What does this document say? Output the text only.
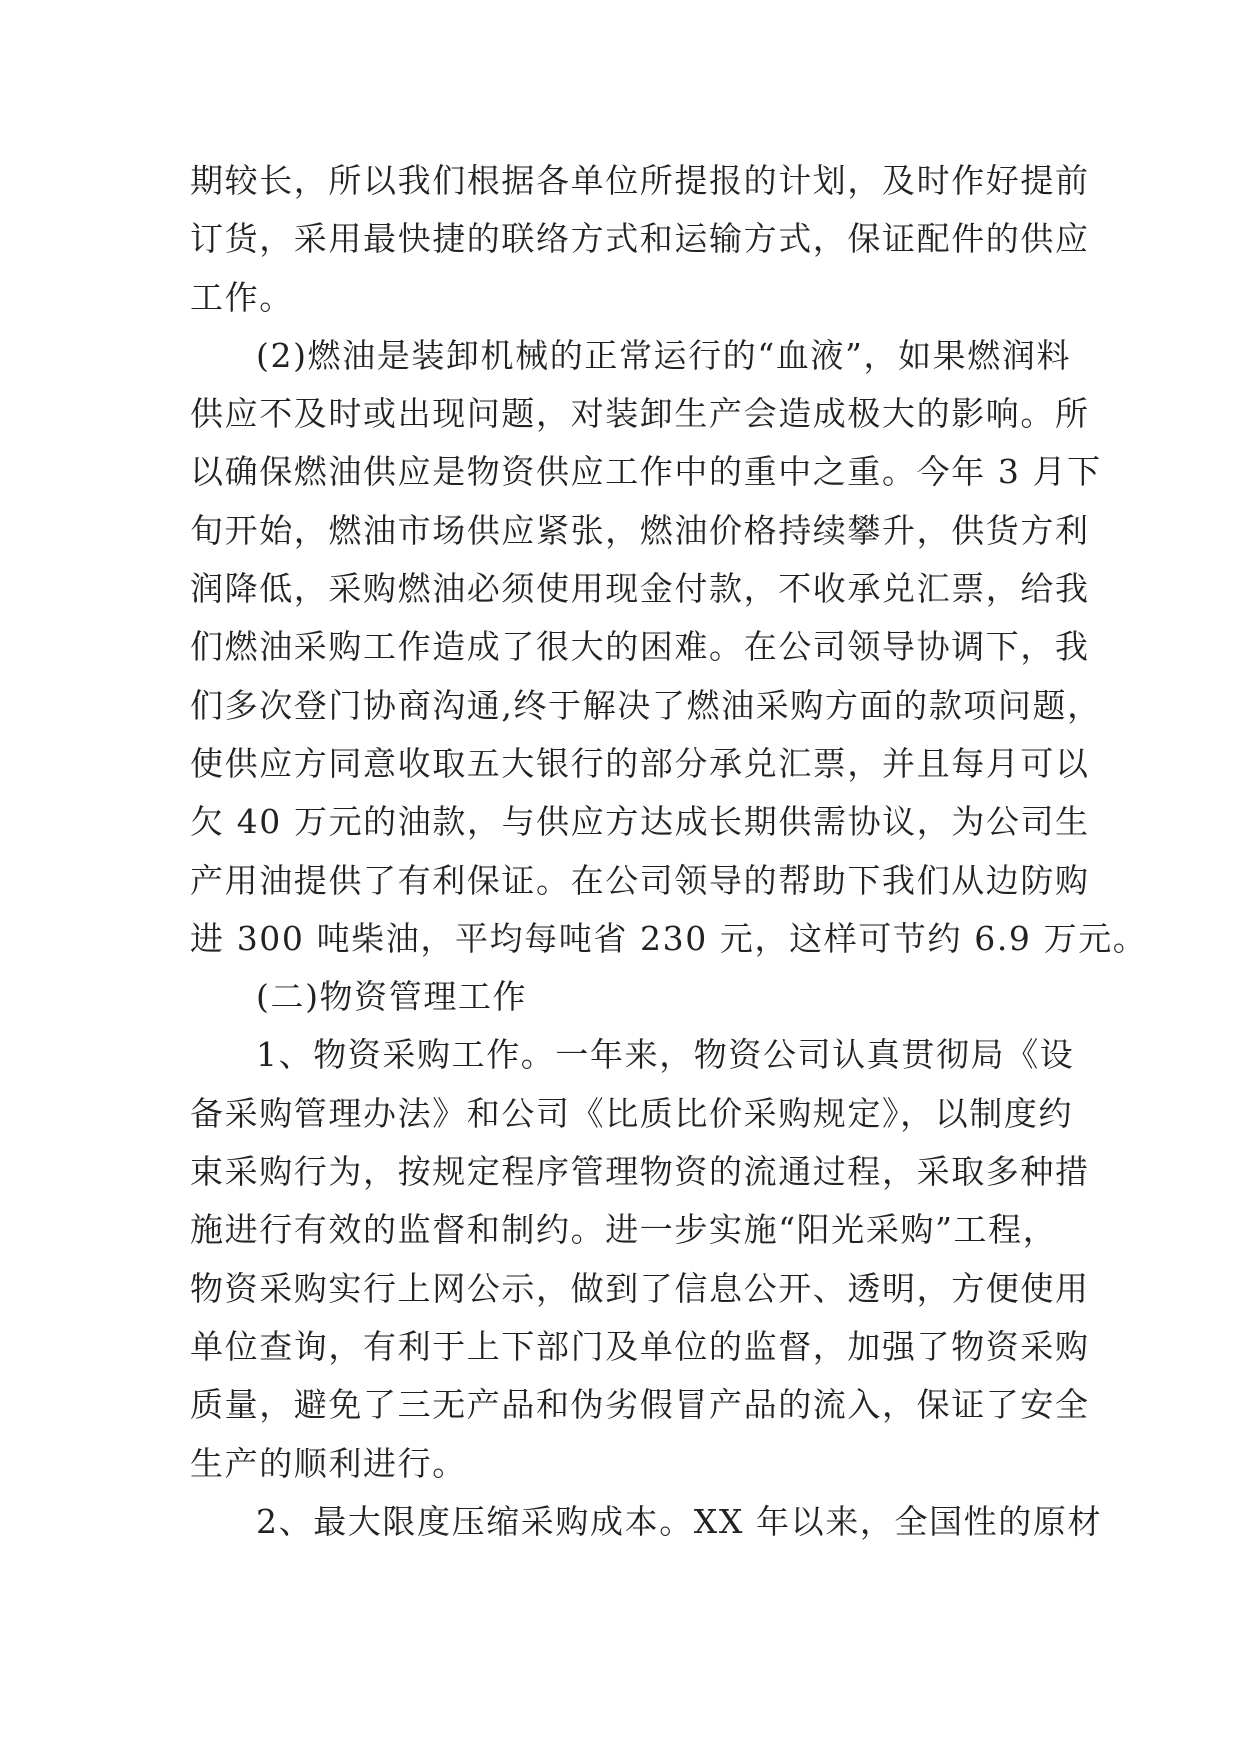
期较长，所以我们根据各单位所提报的计划，及时作好提前
订货，采用最快捷的联络方式和运输方式，保证配件的供应
工作。
(2)燃油是装卸机械的正常运行的“血液”，如果燃润料
供应不及时或出现问题，对装卸生产会造成极大的影响。所
以确保燃油供应是物资供应工作中的重中之重。今年 3 月下
旬开始，燃油市场供应紧张，燃油价格持续攀升，供货方利
润降低，采购燃油必须使用现金付款，不收承兑汇票，给我
们燃油采购工作造成了很大的困难。在公司领导协调下，我
们多次登门协商沟通,终于解决了燃油采购方面的款项问题，
使供应方同意收取五大银行的部分承兑汇票，并且每月可以
欠 40 万元的油款，与供应方达成长期供需协议，为公司生
产用油提供了有利保证。在公司领导的帮助下我们从边防购
进 300 吨柴油，平均每吨省 230 元，这样可节约 6.9 万元。
(二)物资管理工作
1、物资采购工作。一年来，物资公司认真贯彻局《设
备采购管理办法》和公司《比质比价采购规定》，以制度约
束采购行为，按规定程序管理物资的流通过程，采取多种措
施进行有效的监督和制约。进一步实施“阳光采购”工程，
物资采购实行上网公示，做到了信息公开、透明，方便使用
单位查询，有利于上下部门及单位的监督，加强了物资采购
质量，避免了三无产品和伪劣假冒产品的流入，保证了安全
生产的顺利进行。
2、最大限度压缩采购成本。XX 年以来，全国性的原材
